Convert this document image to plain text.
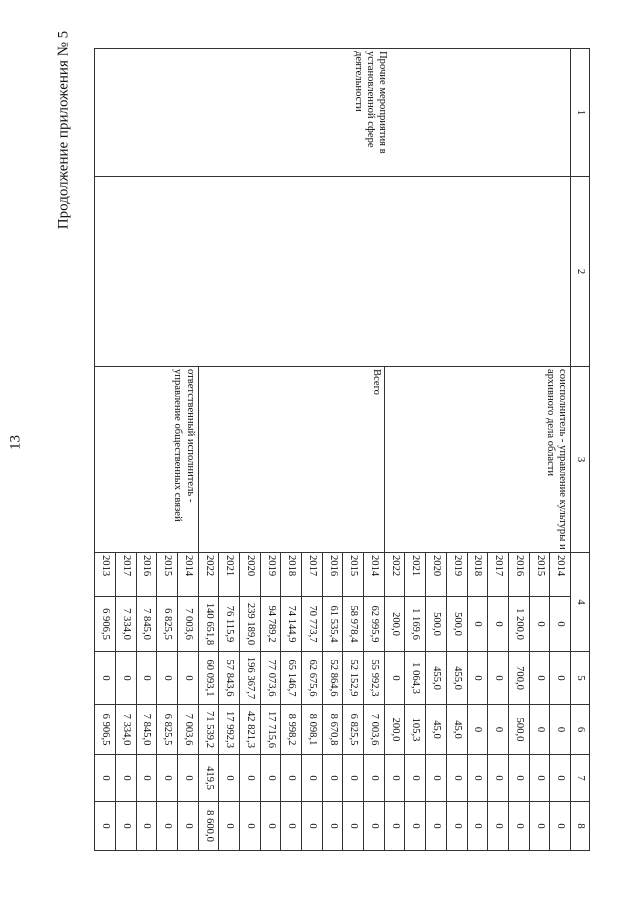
13
Продолжение приложения № 5	1	2	3	4		5	6	7	8
Прочие мероприятия в установленной сфере деятельности		соисполнитель - управление культуры и архивного дела области	2014	0	0	0	0	0
			2015	0	0	0	0	0
			2016	1 200,0	700,0	500,0	0	0
			2017	0	0	0	0	0
			2018	0	0	0	0	0
			2019	500,0	455,0	45,0	0	0
			2020	500,0	455,0	45,0	0	0
			2021	1 169,6	1 064,3	105,3	0	0
			2022	200,0	0	200,0	0	0
		Всего	2014	62 995,9	55 992,3	7 003,6	0	0
			2015	58 978,4	52 152,9	6 825,5	0	0
			2016	61 535,4	52 864,6	8 670,8	0	0
			2017	70 773,7	62 675,6	8 098,1	0	0
			2018	74 144,9	65 146,7	8 998,2	0	0
			2019	94 789,2	77 073,6	17 715,6	0	0
			2020	239 189,0	196 367,7	42 821,3	0	0
			2021	76 115,9	57 843,6	17 992,3	0	0
			2022	140 651,8	60 093,1	71 539,2	419,5	8 600,0
		ответственный исполнитель - управление общественных связей	2014	7 003,6	0	7 003,6	0	0
			2015	6 825,5	0	6 825,5	0	0
			2016	7 845,0	0	7 845,0	0	0
			2017	7 334,0	0	7 334,0	0	0
			2013	6 906,5	0	6 906,5	0	0
